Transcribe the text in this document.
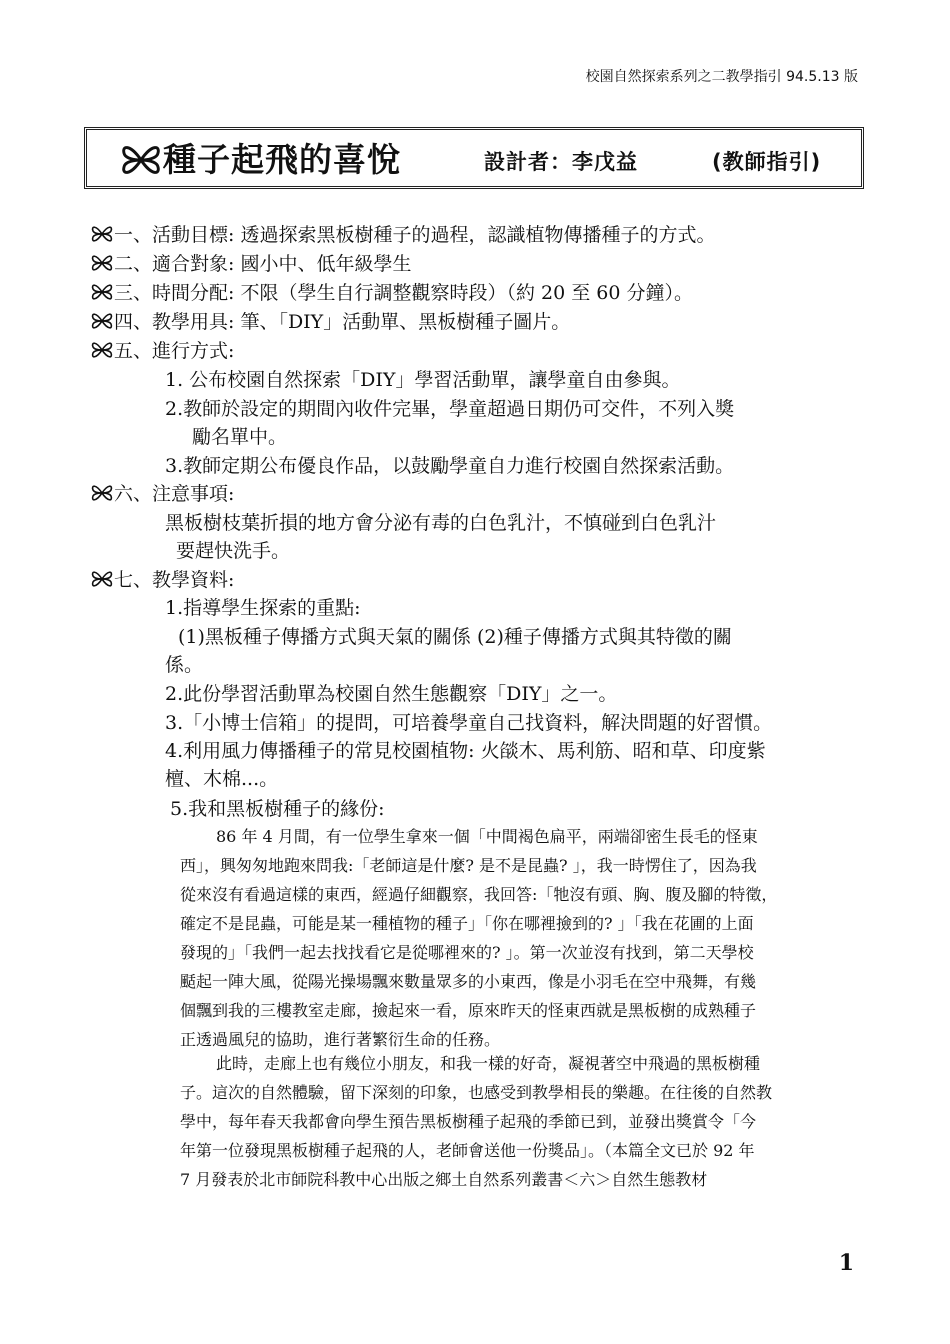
校園自然探索系列之二教學指引 94.5.13 版
種子起飛的喜悅	設計者：李戊益	(教師指引)
一、活動目標: 透過探索黑板樹種子的過程，認識植物傳播種子的方式。
二、適合對象: 國小中、低年級學生
三、時間分配: 不限（學生自行調整觀察時段）（約 20 至 60 分鐘）。
四、教學用具: 筆、「DIY」活動單、黑板樹種子圖片。
五、進行方式:
1. 公布校園自然探索「DIY」學習活動單，讓學童自由參與。
2.教師於設定的期間內收件完畢，學童超過日期仍可交件，不列入獎
勵名單中。
3.教師定期公布優良作品，以鼓勵學童自力進行校園自然探索活動。
六、注意事項:
黑板樹枝葉折損的地方會分泌有毒的白色乳汁，不慎碰到白色乳汁
要趕快洗手。
七、教學資料:
1.指導學生探索的重點:
(1)黑板種子傳播方式與天氣的關係 (2)種子傳播方式與其特徵的關
係。
2.此份學習活動單為校園自然生態觀察「DIY」之一。
3.「小博士信箱」的提問，可培養學童自己找資料，解決問題的好習慣。
4.利用風力傳播種子的常見校園植物: 火燄木、馬利筋、昭和草、印度紫
檀、木棉...。
5.我和黑板樹種子的緣份:
86 年 4 月間，有一位學生拿來一個「中間褐色扁平，兩端卻密生長毛的怪東
西」，興匆匆地跑來問我:「老師這是什麼? 是不是昆蟲? 」，我一時愣住了，因為我
從來沒有看過這樣的東西，經過仔細觀察，我回答:「牠沒有頭、胸、腹及腳的特徵，
確定不是昆蟲，可能是某一種植物的種子」「你在哪裡撿到的? 」「我在花圃的上面
發現的」「我們一起去找找看它是從哪裡來的? 」。第一次並沒有找到，第二天學校
颳起一陣大風，從陽光操場飄來數量眾多的小東西，像是小羽毛在空中飛舞，有幾
個飄到我的三樓教室走廊，撿起來一看，原來昨天的怪東西就是黑板樹的成熟種子
正透過風兒的協助，進行著繁衍生命的任務。
此時，走廊上也有幾位小朋友，和我一樣的好奇，凝視著空中飛過的黑板樹種
子。這次的自然體驗，留下深刻的印象，也感受到教學相長的樂趣。在往後的自然教
學中，每年春天我都會向學生預告黑板樹種子起飛的季節已到，並發出獎賞令「今
年第一位發現黑板樹種子起飛的人，老師會送他一份獎品」。（本篇全文已於 92 年
7 月發表於北市師院科教中心出版之鄉土自然系列叢書＜六＞自然生態教材
1
